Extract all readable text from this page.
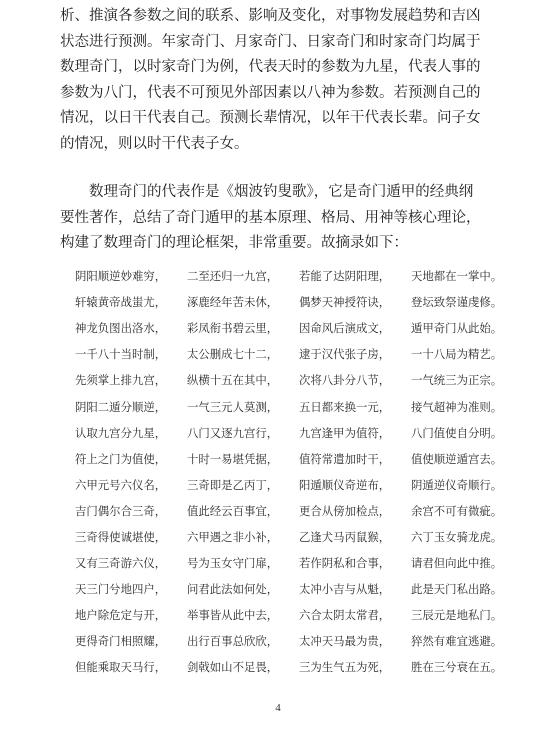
析、推演各参数之间的联系、影响及变化，对事物发展趋势和吉凶
状态进行预测。年家奇门、月家奇门、日家奇门和时家奇门均属于
数理奇门，以时家奇门为例，代表天时的参数为九星，代表人事的
参数为八门，代表不可预见外部因素以八神为参数。若预测自己的
情况，以日干代表自己。预测长辈情况，以年干代表长辈。问子女
的情况，则以时干代表子女。
数理奇门的代表作是《烟波钓叟歌》，它是奇门遁甲的经典纲
要性著作，总结了奇门遁甲的基本原理、格局、用神等核心理论，
构建了数理奇门的理论框架，非常重要。故摘录如下：
阴阳顺逆妙难穷，	二至还归一九宫，	若能了达阴阳理，	天地都在一掌中。
轩辕黄帝战蚩尤，	涿鹿经年苦未休，	偶梦天神授符诀，	登坛致祭谨虔修。
神龙负图出洛水，	彩凤衔书碧云里，	因命风后演成文，	遁甲奇门从此始。
一千八十当时制，	太公删成七十二，	逮于汉代张子房，	一十八局为精艺。
先须掌上排九宫，	纵横十五在其中，	次将八卦分八节，	一气统三为正宗。
阴阳二遁分顺逆，	一气三元人莫测，	五日都来换一元，	接气超神为准则。
认取九宫分九星，	八门又逐九宫行，	九宫逢甲为值符，	八门值使自分明。
符上之门为值使，	十时一易堪凭据，	值符常遣加时干，	值使顺逆遁宫去。
六甲元号六仪名，	三奇即是乙丙丁，	阳遁顺仪奇逆布，	阴遁逆仪奇顺行。
吉门偶尔合三奇，	值此经云百事宜，	更合从傍加检点，	余宫不可有微疵。
三奇得使诚堪使，	六甲遇之非小补，	乙逢犬马丙鼠猴，	六丁玉女骑龙虎。
又有三奇游六仪，	号为玉女守门扉，	若作阴私和合事，	请君但向此中推。
天三门兮地四户，	问君此法如何处，	太冲小吉与从魁，	此是天门私出路。
地户除危定与开，	举事皆从此中去，	六合太阴太常君，	三辰元是地私门。
更得奇门相照耀，	出行百事总欣欣，	太冲天马最为贵，	猝然有难宜逃避。
但能乘取天马行，	剑戟如山不足畏，	三为生气五为死，	胜在三兮衰在五。
4
